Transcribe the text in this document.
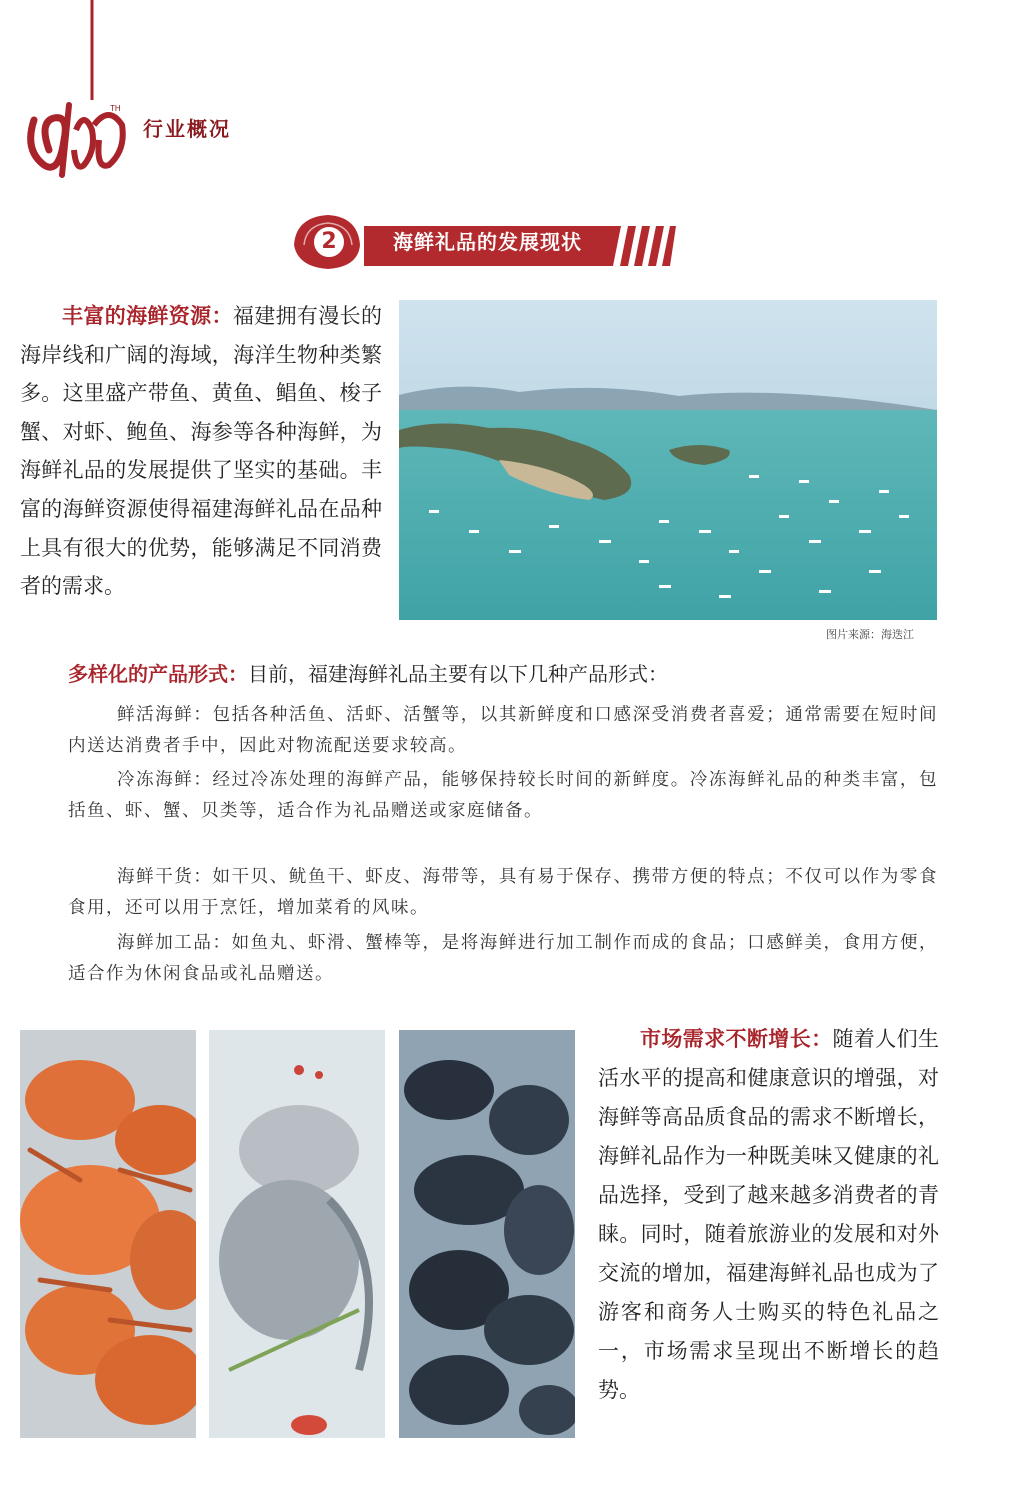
TH
行业概况
2	海鲜礼品的发展现状

丰富的海鲜资源：福建拥有漫长的海岸线和广阔的海域，海洋生物种类繁多。这里盛产带鱼、黄鱼、鲳鱼、梭子蟹、对虾、鲍鱼、海参等各种海鲜，为海鲜礼品的发展提供了坚实的基础。丰富的海鲜资源使得福建海鲜礼品在品种上具有很大的优势，能够满足不同消费者的需求。

图片来源：海迭江

多样化的产品形式：目前，福建海鲜礼品主要有以下几种产品形式：

鲜活海鲜：包括各种活鱼、活虾、活蟹等，以其新鲜度和口感深受消费者喜爱；通常需要在短时间内送达消费者手中，因此对物流配送要求较高。

冷冻海鲜：经过冷冻处理的海鲜产品，能够保持较长时间的新鲜度。冷冻海鲜礼品的种类丰富，包括鱼、虾、蟹、贝类等，适合作为礼品赠送或家庭储备。

海鲜干货：如干贝、鱿鱼干、虾皮、海带等，具有易于保存、携带方便的特点；不仅可以作为零食食用，还可以用于烹饪，增加菜肴的风味。

海鲜加工品：如鱼丸、虾滑、蟹棒等，是将海鲜进行加工制作而成的食品；口感鲜美，食用方便，适合作为休闲食品或礼品赠送。

市场需求不断增长：随着人们生活水平的提高和健康意识的增强，对海鲜等高品质食品的需求不断增长，海鲜礼品作为一种既美味又健康的礼品选择，受到了越来越多消费者的青睐。同时，随着旅游业的发展和对外交流的增加，福建海鲜礼品也成为了游客和商务人士购买的特色礼品之一，市场需求呈现出不断增长的趋势。
